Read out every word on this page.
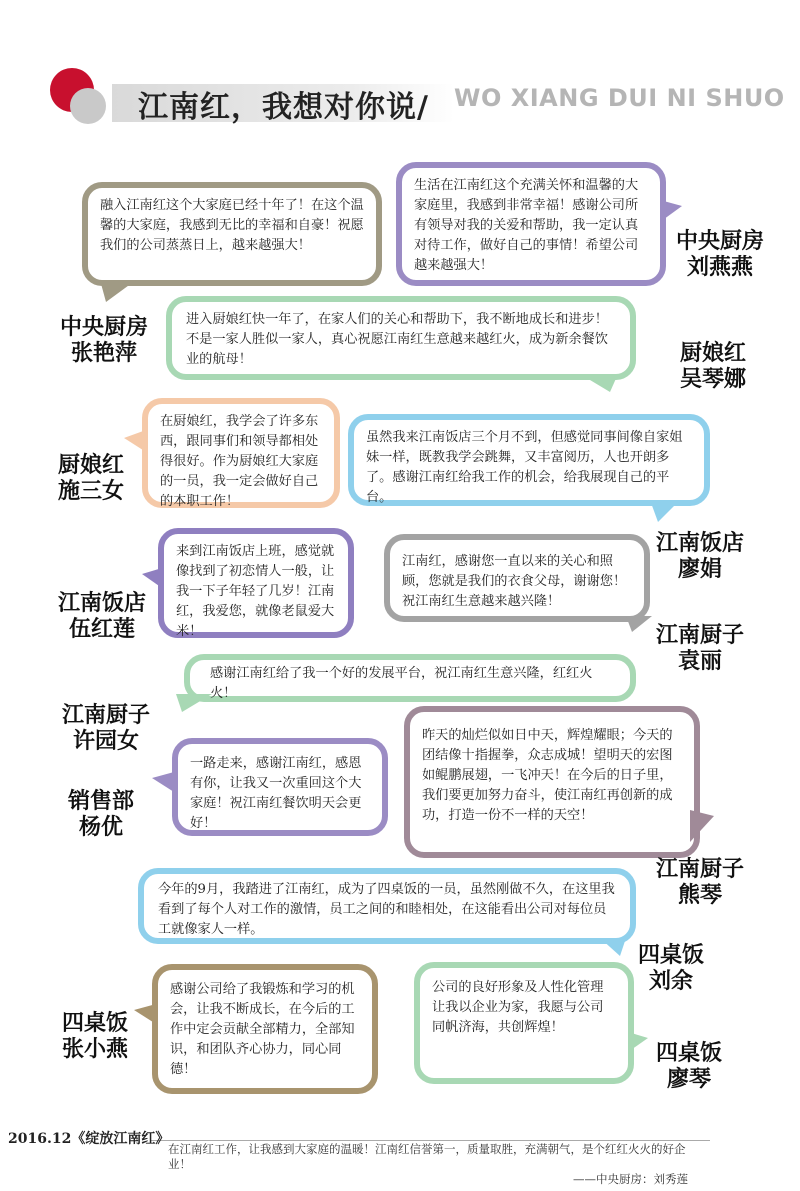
江南红，我想对你说/ WO XIANG DUI NI SHUO
融入江南红这个大家庭已经十年了！在这个温馨的大家庭，我感到无比的幸福和自豪！祝愿我们的公司蒸蒸日上，越来越强大！
中央厨房
张艳萍
生活在江南红这个充满关怀和温馨的大家庭里，我感到非常幸福！感谢公司所有领导对我的关爱和帮助，我一定认真对待工作，做好自己的事情！希望公司越来越强大！
中央厨房
刘燕燕
进入厨娘红快一年了，在家人们的关心和帮助下，我不断地成长和进步！不是一家人胜似一家人，真心祝愿江南红生意越来越红火，成为新余餐饮业的航母！	厨娘红
吴琴娜
在厨娘红，我学会了许多东西，跟同事们和领导都相处得很好。作为厨娘红大家庭的一员，我一定会做好自己的本职工作！
厨娘红
施三女
虽然我来江南饭店三个月不到，但感觉同事间像自家姐妹一样，既教我学会跳舞，又丰富阅历，人也开朗多了。感谢江南红给我工作的机会，给我展现自己的平台。
江南饭店
廖娟
来到江南饭店上班，感觉就像找到了初恋情人一般，让我一下子年轻了几岁！江南红，我爱您，就像老鼠爱大米！
江南饭店
伍红莲
江南红，感谢您一直以来的关心和照顾，您就是我们的衣食父母，谢谢您！祝江南红生意越来越兴隆！
江南厨子
袁丽
感谢江南红给了我一个好的发展平台，祝江南红生意兴隆，红红火火！
江南厨子
许园女
一路走来，感谢江南红，感恩有你，让我又一次重回这个大家庭！祝江南红餐饮明天会更好！
销售部
杨优
昨天的灿烂似如日中天，辉煌耀眼；今天的团结像十指握拳，众志成城！望明天的宏图如鲲鹏展翅，一飞冲天！在今后的日子里，我们要更加努力奋斗，使江南红再创新的成功，打造一份不一样的天空！
江南厨子
熊琴
今年的9月，我踏进了江南红，成为了四桌饭的一员，虽然刚做不久，在这里我看到了每个人对工作的激情，员工之间的和睦相处，在这能看出公司对每位员工就像家人一样。
四桌饭
刘余
感谢公司给了我锻炼和学习的机会，让我不断成长，在今后的工作中定会贡献全部精力，全部知识，和团队齐心协力，同心同德！
四桌饭
张小燕
公司的良好形象及人性化管理让我以企业为家，我愿与公司同帆济海，共创辉煌！
四桌饭
廖琴
2016.12《绽放江南红》
在江南红工作，让我感到大家庭的温暖！江南红信誉第一，质量取胜，充满朝气，是个红红火火的好企业！
——中央厨房：刘秀莲
